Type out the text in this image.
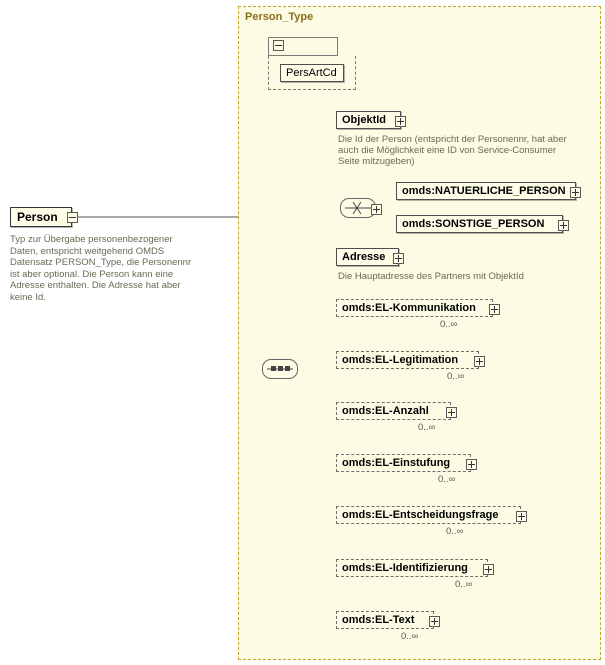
Person
Typ zur Übergabe personenbezogener Daten, entspricht weitgehend OMDS Datensatz PERSON_Type, die Personennr ist aber optional. Die Person kann eine Adresse enthalten. Die Adresse hat aber keine Id.
Person_Type
PersArtCd
ObjektId
Die Id der Person (entspricht der Personennr, hat aber auch die Möglichkeit eine ID von Service-Consumer Seite mitzugeben)
omds:NATUERLICHE_PERSON
omds:SONSTIGE_PERSON
Adresse
Die Hauptadresse des Partners mit ObjektId
omds:EL-Kommunikation
0..∞
omds:EL-Legitimation
0..∞
omds:EL-Anzahl
0..∞
omds:EL-Einstufung
0..∞
omds:EL-Entscheidungsfrage
0..∞
omds:EL-Identifizierung
0..∞
omds:EL-Text
0..∞
